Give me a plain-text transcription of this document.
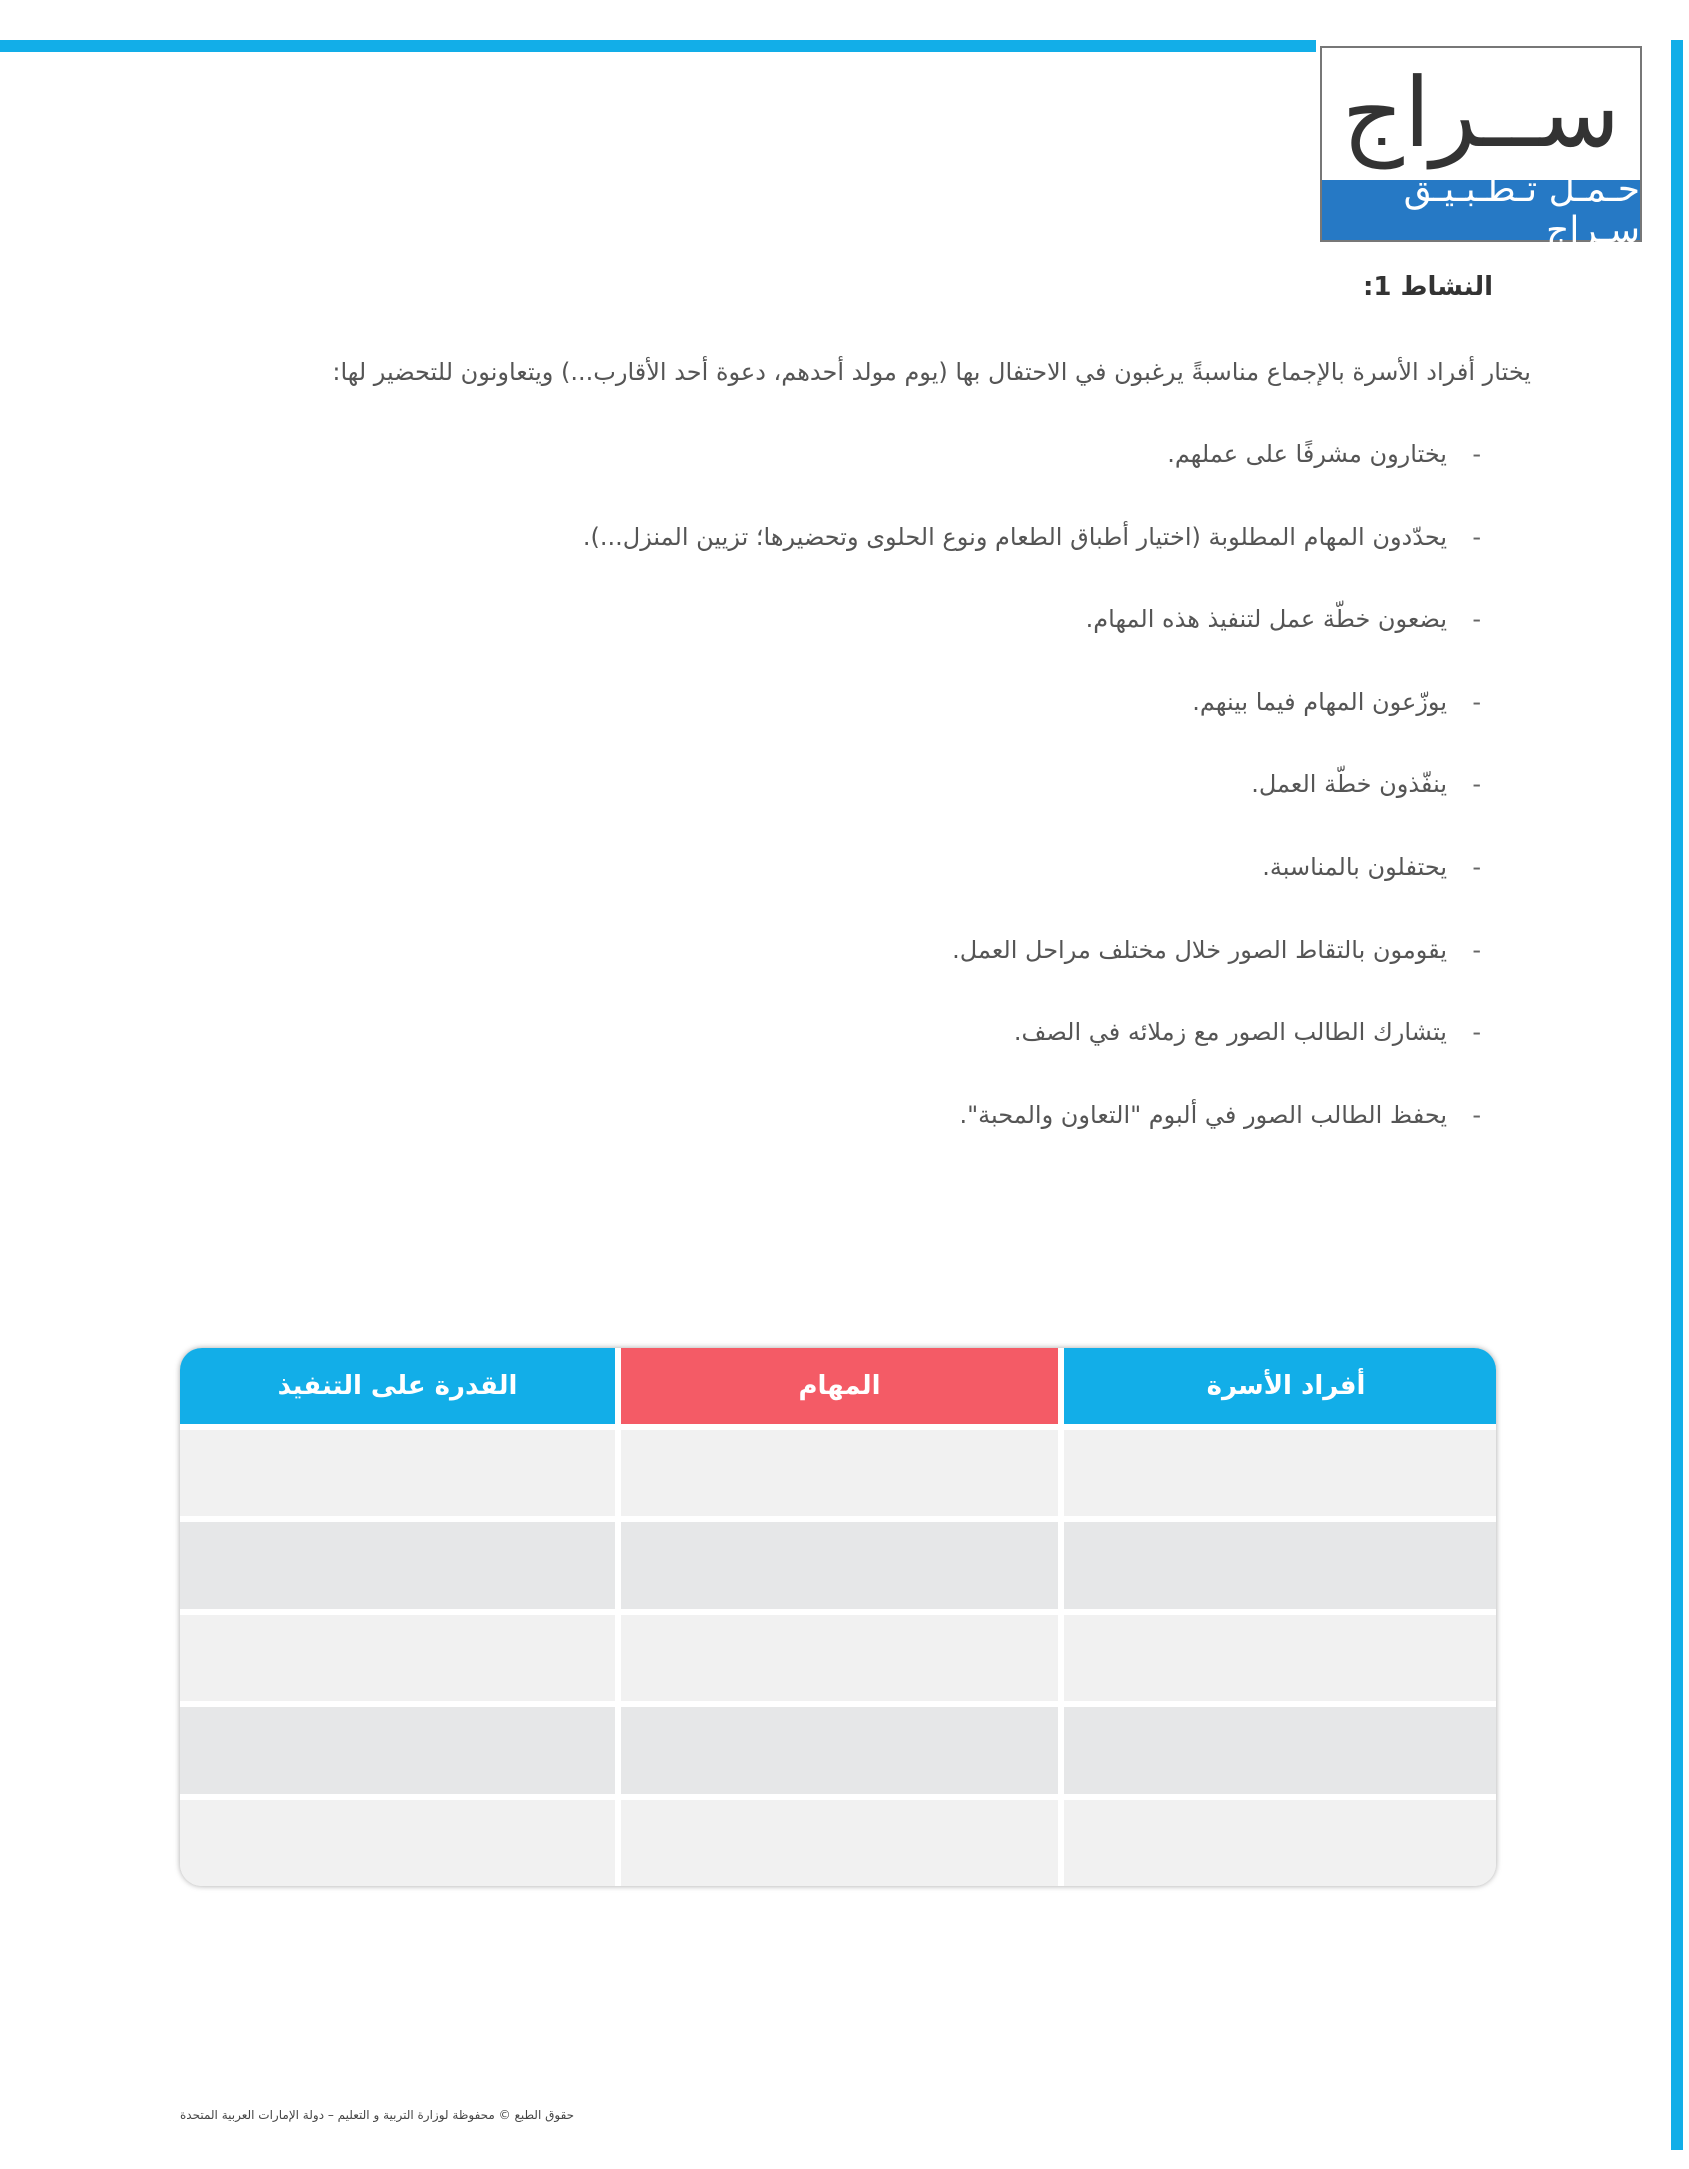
ســراج
حـمـل تـطـبـيـق سـراج
النشاط 1:
يختار أفراد الأسرة بالإجماع مناسبةً يرغبون في الاحتفال بها (يوم مولد أحدهم، دعوة أحد الأقارب...) ويتعاونون للتحضير لها:
-
يختارون مشرفًا على عملهم.
-
يحدّدون المهام المطلوبة (اختيار أطباق الطعام ونوع الحلوى وتحضيرها؛ تزيين المنزل...).
-
يضعون خطّة عمل لتنفيذ هذه المهام.
-
يوزّعون المهام فيما بينهم.
-
ينفّذون خطّة العمل.
-
يحتفلون بالمناسبة.
-
يقومون بالتقاط الصور خلال مختلف مراحل العمل.
-
يتشارك الطالب الصور مع زملائه في الصف.
-
يحفظ الطالب الصور في ألبوم "التعاون والمحبة".
القدرة على التنفيذ	المهام	أفراد الأسرة
حقوق الطبع © محفوظة لوزارة التربية و التعليم – دولة الإمارات العربية المتحدة
